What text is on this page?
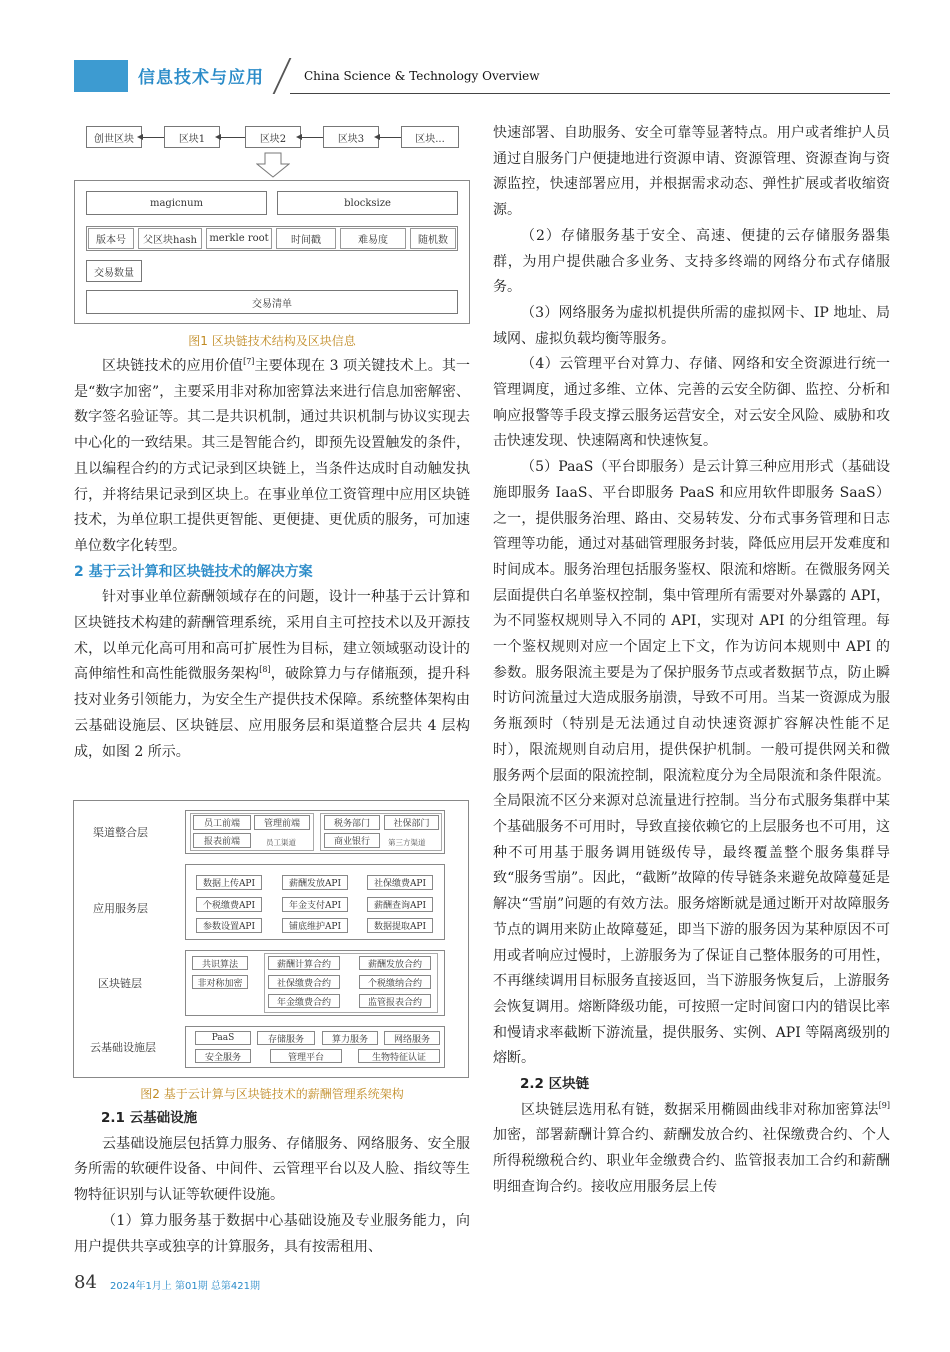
信息技术与应用	China Science & Technology Overview
创世区块	区块1	区块2	区块3	区块...
magicnum	blocksize
版本号	父区块hash	merkle root	时间戳	难易度	随机数
交易数量
交易清单
图1 区块链技术结构及区块信息

区块链技术的应用价值[7]主要体现在 3 项关键技术上。其一是“数字加密”，主要采用非对称加密算法来进行信息加密解密、数字签名验证等。其二是共识机制，通过共识机制与协议实现去中心化的一致结果。其三是智能合约，即预先设置触发的条件，且以编程合约的方式记录到区块链上，当条件达成时自动触发执行，并将结果记录到区块上。在事业单位工资管理中应用区块链技术，为单位职工提供更智能、更便捷、更优质的服务，可加速单位数字化转型。

2 基于云计算和区块链技术的解决方案

针对事业单位薪酬领域存在的问题，设计一种基于云计算和区块链技术构建的薪酬管理系统，采用自主可控技术以及开源技术，以单元化高可用和高可扩展性为目标，建立领域驱动设计的高伸缩性和高性能微服务架构[8]，破除算力与存储瓶颈，提升科技对业务引领能力，为安全生产提供技术保障。系统整体架构由云基础设施层、区块链层、应用服务层和渠道整合层共 4 层构成，如图 2 所示。

渠道整合层
员工前端	管理前端
报表前端	员工渠道
税务部门	社保部门
商业银行	第三方渠道
应用服务层
数据上传API	薪酬发放API	社保缴费API
个税缴费API	年金支付API	薪酬查询API
参数设置API	铺底维护API	数据提取API
区块链层
共识算法
非对称加密
薪酬计算合约	薪酬发放合约
社保缴费合约	个税缴纳合约
年金缴费合约	监管报表合约
云基础设施层
PaaS	存储服务	算力服务	网络服务
安全服务	管理平台	生物特征认证
图2 基于云计算与区块链技术的薪酬管理系统架构

2.1 云基础设施

云基础设施层包括算力服务、存储服务、网络服务、安全服务所需的软硬件设备、中间件、云管理平台以及人脸、指纹等生物特征识别与认证等软硬件设施。

（1）算力服务基于数据中心基础设施及专业服务能力，向用户提供共享或独享的计算服务，具有按需租用、

快速部署、自助服务、安全可靠等显著特点。用户或者维护人员通过自服务门户便捷地进行资源申请、资源管理、资源查询与资源监控，快速部署应用，并根据需求动态、弹性扩展或者收缩资源。

（2）存储服务基于安全、高速、便捷的云存储服务器集群，为用户提供融合多业务、支持多终端的网络分布式存储服务。

（3）网络服务为虚拟机提供所需的虚拟网卡、IP 地址、局域网、虚拟负载均衡等服务。

（4）云管理平台对算力、存储、网络和安全资源进行统一管理调度，通过多维、立体、完善的云安全防御、监控、分析和响应报警等手段支撑云服务运营安全，对云安全风险、威胁和攻击快速发现、快速隔离和快速恢复。

（5）PaaS（平台即服务）是云计算三种应用形式（基础设施即服务 IaaS、平台即服务 PaaS 和应用软件即服务 SaaS）之一，提供服务治理、路由、交易转发、分布式事务管理和日志管理等功能，通过对基础管理服务封装，降低应用层开发难度和时间成本。服务治理包括服务鉴权、限流和熔断。在微服务网关层面提供白名单鉴权控制，集中管理所有需要对外暴露的 API，为不同鉴权规则导入不同的 API，实现对 API 的分组管理。每一个鉴权规则对应一个固定上下文，作为访问本规则中 API 的参数。服务限流主要是为了保护服务节点或者数据节点，防止瞬时访问流量过大造成服务崩溃，导致不可用。当某一资源成为服务瓶颈时（特别是无法通过自动快速资源扩容解决性能不足时），限流规则自动启用，提供保护机制。一般可提供网关和微服务两个层面的限流控制，限流粒度分为全局限流和条件限流。全局限流不区分来源对总流量进行控制。当分布式服务集群中某个基础服务不可用时，导致直接依赖它的上层服务也不可用，这种不可用基于服务调用链级传导，最终覆盖整个服务集群导致“服务雪崩”。因此，“截断”故障的传导链条来避免故障蔓延是解决“雪崩”问题的有效方法。服务熔断就是通过断开对故障服务节点的调用来防止故障蔓延，即当下游的服务因为某种原因不可用或者响应过慢时，上游服务为了保证自己整体服务的可用性，不再继续调用目标服务直接返回，当下游服务恢复后，上游服务会恢复调用。熔断降级功能，可按照一定时间窗口内的错误比率和慢请求率截断下游流量，提供服务、实例、API 等隔离级别的熔断。

2.2 区块链

区块链层选用私有链，数据采用椭圆曲线非对称加密算法[9]加密，部署薪酬计算合约、薪酬发放合约、社保缴费合约、个人所得税缴税合约、职业年金缴费合约、监管报表加工合约和薪酬明细查询合约。接收应用服务层上传

84 2024年1月上 第01期 总第421期
